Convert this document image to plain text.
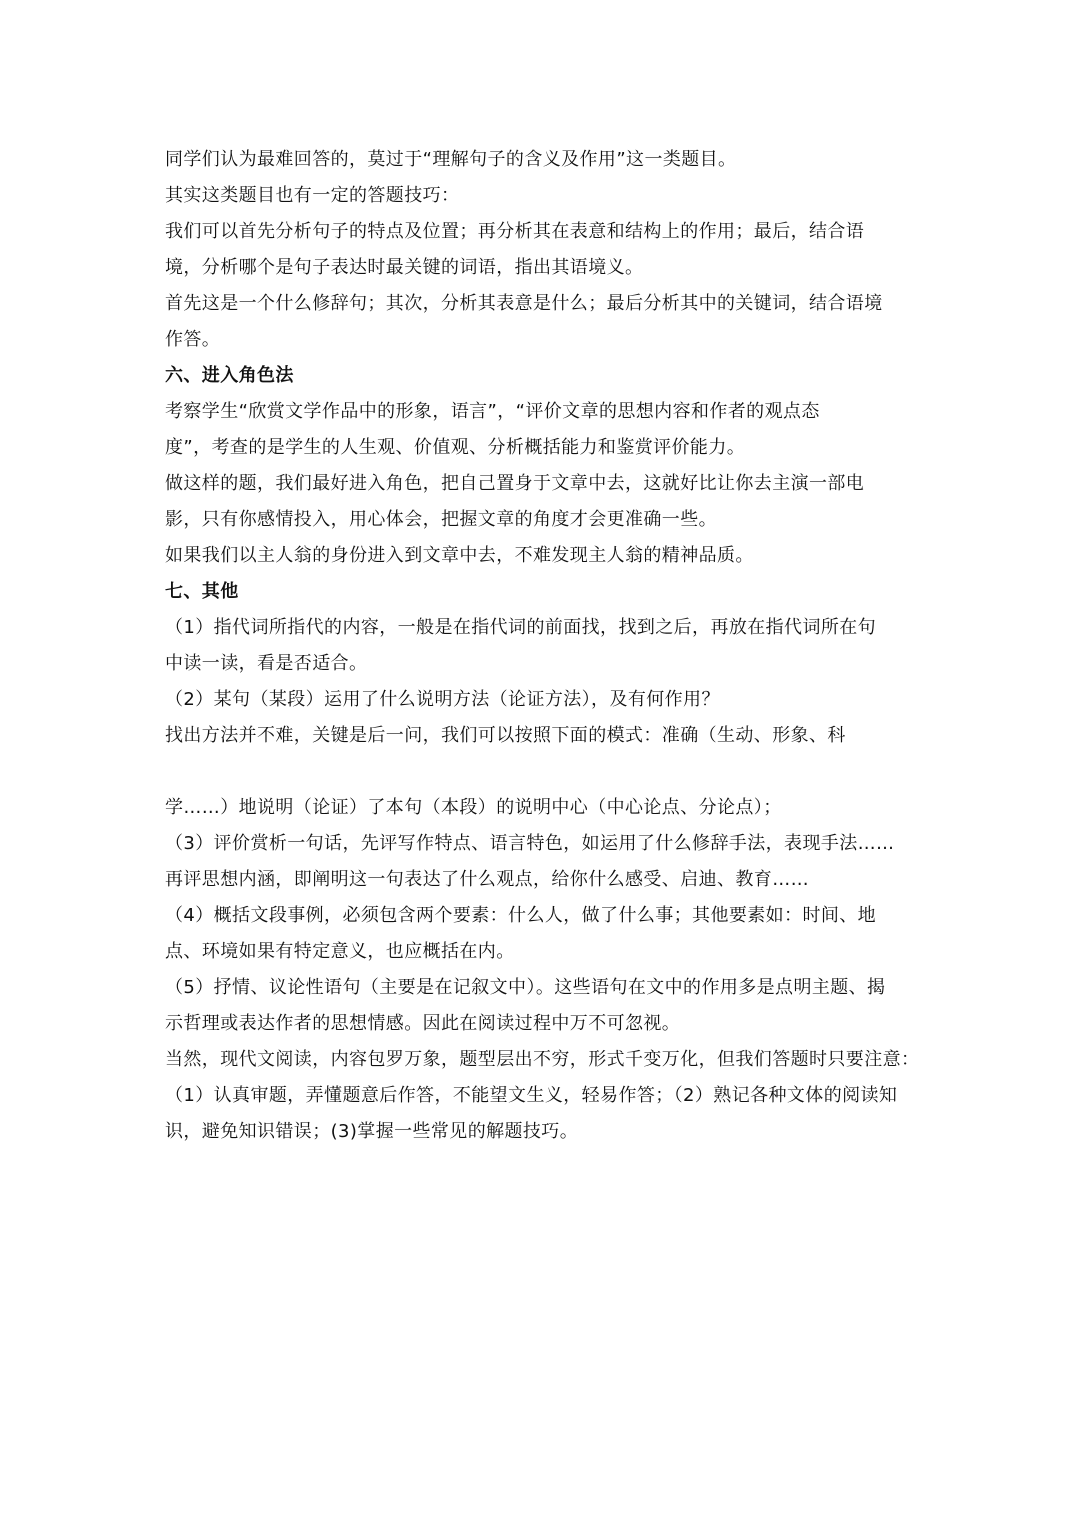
同学们认为最难回答的，莫过于“理解句子的含义及作用”这一类题目。
其实这类题目也有一定的答题技巧：
我们可以首先分析句子的特点及位置；再分析其在表意和结构上的作用；最后，结合语
境，分析哪个是句子表达时最关键的词语，指出其语境义。
首先这是一个什么修辞句；其次，分析其表意是什么；最后分析其中的关键词，结合语境
作答。
六、进入角色法
考察学生“欣赏文学作品中的形象，语言”，“评价文章的思想内容和作者的观点态
度”，考查的是学生的人生观、价值观、分析概括能力和鉴赏评价能力。
做这样的题，我们最好进入角色，把自己置身于文章中去，这就好比让你去主演一部电
影，只有你感情投入，用心体会，把握文章的角度才会更准确一些。
如果我们以主人翁的身份进入到文章中去，不难发现主人翁的精神品质。
七、其他
（1）指代词所指代的内容，一般是在指代词的前面找，找到之后，再放在指代词所在句
中读一读，看是否适合。
（2）某句（某段）运用了什么说明方法（论证方法），及有何作用？
找出方法并不难，关键是后一问，我们可以按照下面的模式：准确（生动、形象、科
学……）地说明（论证）了本句（本段）的说明中心（中心论点、分论点）；
（3）评价赏析一句话，先评写作特点、语言特色，如运用了什么修辞手法，表现手法……
再评思想内涵，即阐明这一句表达了什么观点，给你什么感受、启迪、教育……
（4）概括文段事例，必须包含两个要素：什么人，做了什么事；其他要素如：时间、地
点、环境如果有特定意义，也应概括在内。
（5）抒情、议论性语句（主要是在记叙文中）。这些语句在文中的作用多是点明主题、揭
示哲理或表达作者的思想情感。因此在阅读过程中万不可忽视。
当然，现代文阅读，内容包罗万象，题型层出不穷，形式千变万化，但我们答题时只要注意：
（1）认真审题，弄懂题意后作答，不能望文生义，轻易作答；（2）熟记各种文体的阅读知
识，避免知识错误；(3)掌握一些常见的解题技巧。
